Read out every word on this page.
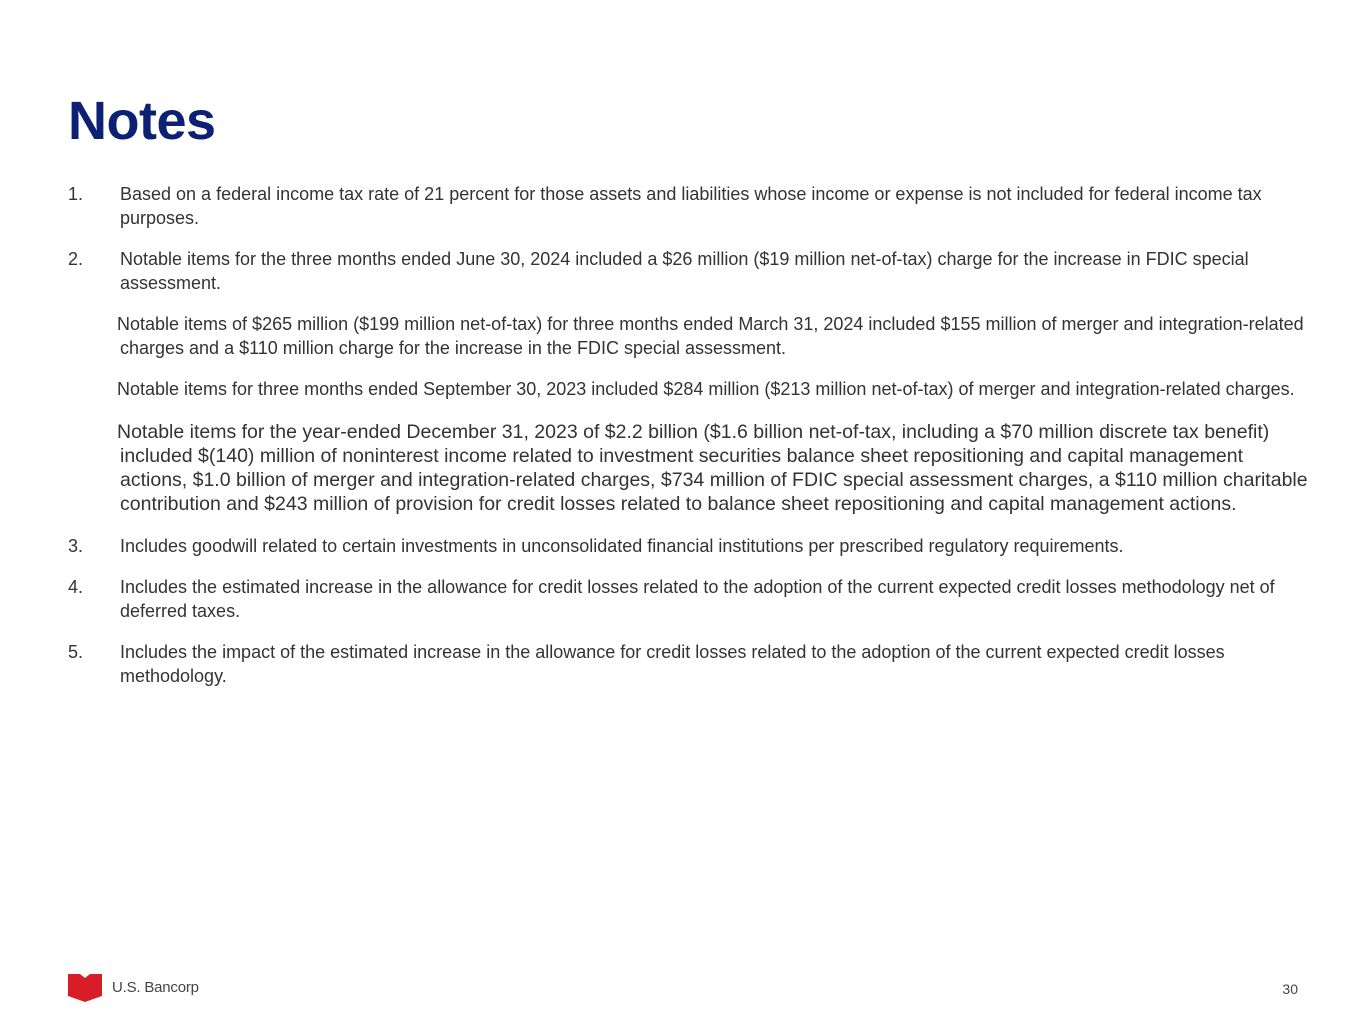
Notes
1. Based on a federal income tax rate of 21 percent for those assets and liabilities whose income or expense is not included for federal income tax purposes.
2. Notable items for the three months ended June 30, 2024 included a $26 million ($19 million net-of-tax) charge for the increase in FDIC special assessment.
Notable items of $265 million ($199 million net-of-tax) for three months ended March 31, 2024 included $155 million of merger and integration-related charges and a $110 million charge for the increase in the FDIC special assessment.
Notable items for three months ended September 30, 2023 included $284 million ($213 million net-of-tax) of merger and integration-related charges.
Notable items for the year-ended December 31, 2023 of $2.2 billion ($1.6 billion net-of-tax, including a $70 million discrete tax benefit) included $(140) million of noninterest income related to investment securities balance sheet repositioning and capital management actions, $1.0 billion of merger and integration-related charges, $734 million of FDIC special assessment charges, a $110 million charitable contribution and $243 million of provision for credit losses related to balance sheet repositioning and capital management actions.
3. Includes goodwill related to certain investments in unconsolidated financial institutions per prescribed regulatory requirements.
4. Includes the estimated increase in the allowance for credit losses related to the adoption of the current expected credit losses methodology net of deferred taxes.
5. Includes the impact of the estimated increase in the allowance for credit losses related to the adoption of the current expected credit losses methodology.
U.S. Bancorp	30
